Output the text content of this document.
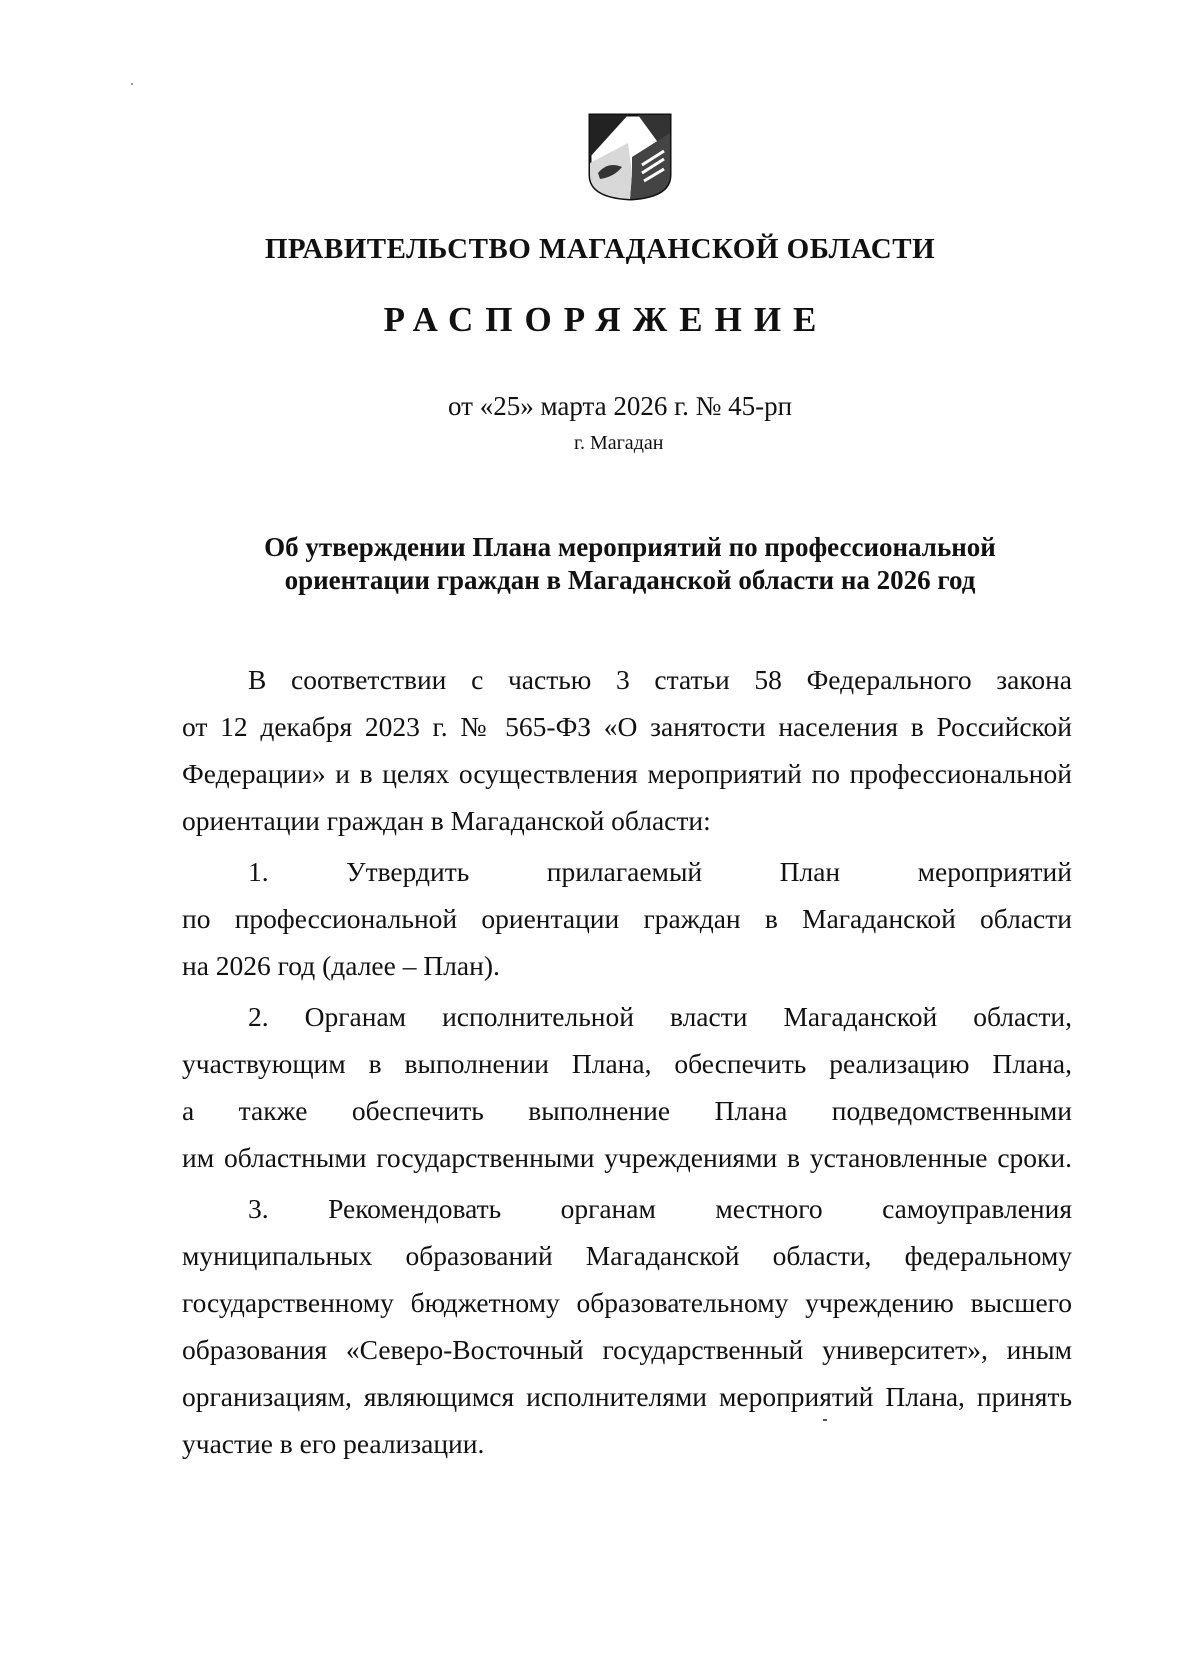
ПРАВИТЕЛЬСТВО МАГАДАНСКОЙ ОБЛАСТИ
РАСПОРЯЖЕНИЕ
от «25» марта 2026 г. № 45-рп
г. Магадан
Об утверждении Плана мероприятий по профессиональной
ориентации граждан в Магаданской области на 2026 год

В соответствии с частью 3 статьи 58 Федерального закона
от 12 декабря 2023 г. № 565-ФЗ «О занятости населения в Российской
Федерации» и в целях осуществления мероприятий по профессиональной
ориентации граждан в Магаданской области:

1. Утвердить прилагаемый План мероприятий
по профессиональной ориентации граждан в Магаданской области
на 2026 год (далее – План).

2. Органам исполнительной власти Магаданской области,
участвующим в выполнении Плана, обеспечить реализацию Плана,
а также обеспечить выполнение Плана подведомственными
им областными государственными учреждениями в установленные сроки.

3. Рекомендовать органам местного самоуправления
муниципальных образований Магаданской области, федеральному
государственному бюджетному образовательному учреждению высшего
образования «Северо-Восточный государственный университет», иным
организациям, являющимся исполнителями мероприятий Плана, принять
участие в его реализации.
